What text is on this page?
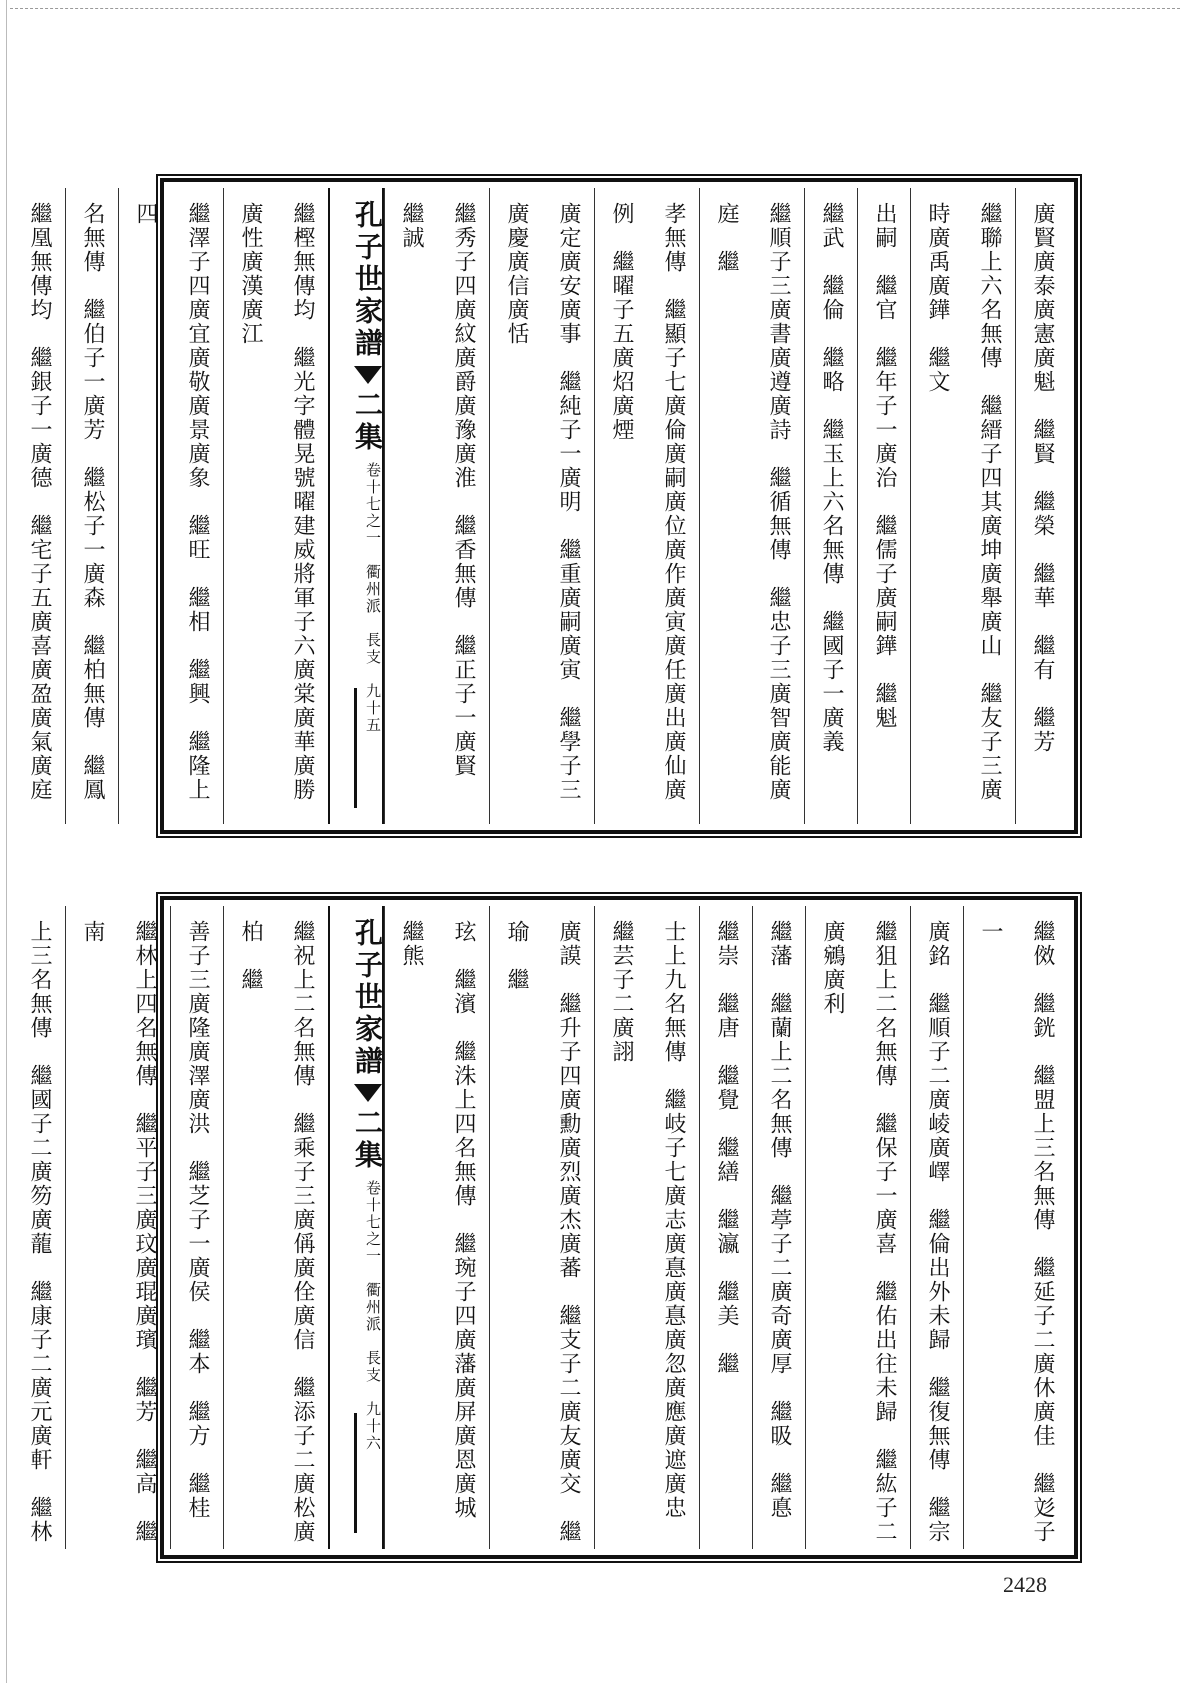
廣賢廣泰廣憲廣魁　繼賢　繼榮　繼華　繼有　繼芳
繼聯上六名無傳　繼縉子四其廣坤廣舉廣山　繼友子三廣時廣禹廣鏵　繼文
出嗣　繼官　繼年子一廣治　繼儒子廣嗣鏵　繼魁
繼武　繼倫　繼略　繼玉上六名無傳　繼國子一廣義
繼順子三廣書廣遵廣詩　繼循無傳　繼忠子三廣智廣能廣庭　繼
孝無傳　繼顯子七廣倫廣嗣廣位廣作廣寅廣任廣出廣仙廣例　繼曜子五廣炤廣煙
廣定廣安廣事　繼純子一廣明　繼重廣嗣廣寅　繼學子三廣慶廣信廣恬
繼秀子四廣紋廣爵廣豫廣淮　繼香無傳　繼正子一廣賢　繼誠
孔子世家譜
二集
卷十七之一　衢州派　長支　九十五
繼樫無傳均　繼光字體晃號曜建威將軍子六廣棠廣華廣勝廣性廣漢廣江
繼澤子四廣宜廣敬廣景廣象　繼旺　繼相　繼興　繼隆上四
名無傳　繼伯子一廣芳　繼松子一廣森　繼柏無傳　繼鳳
繼凰無傳均　繼銀子一廣德　繼宅子五廣喜廣盈廣氣廣庭　
繼傚　繼銧　繼盟上三名無傳　繼延子二廣休廣佳　繼彣子一
廣銘　繼順子二廣崚廣嶧　繼倫出外未歸　繼復無傳　繼宗
繼狙上二名無傳　繼保子一廣喜　繼佑出往未歸　繼紘子二廣鵷廣利
繼藩　繼蘭上二名無傳　繼葶子二廣奇廣厚　繼昅　繼悳
繼崇　繼唐　繼覺　繼繕　繼瀛　繼美　繼
士上九名無傳　繼岐子七廣志廣惪廣惪廣忽廣應廣遮廣忠　繼芸子二廣詡
廣謨　繼升子四廣勳廣烈廣杰廣蕃　繼支子二廣友廣交　繼瑜　繼
玹　繼濱　繼洙上四名無傳　繼琬子四廣藩廣屏廣恩廣城　繼熊
孔子世家譜
二集
卷十七之一　衢州派　長支　九十六
繼祝上二名無傳　繼乘子三廣偁廣佺廣信　繼添子二廣松廣柏　繼
善子三廣隆廣澤廣洪　繼芝子一廣侯　繼本　繼方　繼桂
繼林上四名無傳　繼平子三廣玟廣琨廣璸　繼芳　繼高　繼南
上三名無傳　繼國子二廣笏廣蘢　繼康子二廣元廣軒　繼林　
2428
